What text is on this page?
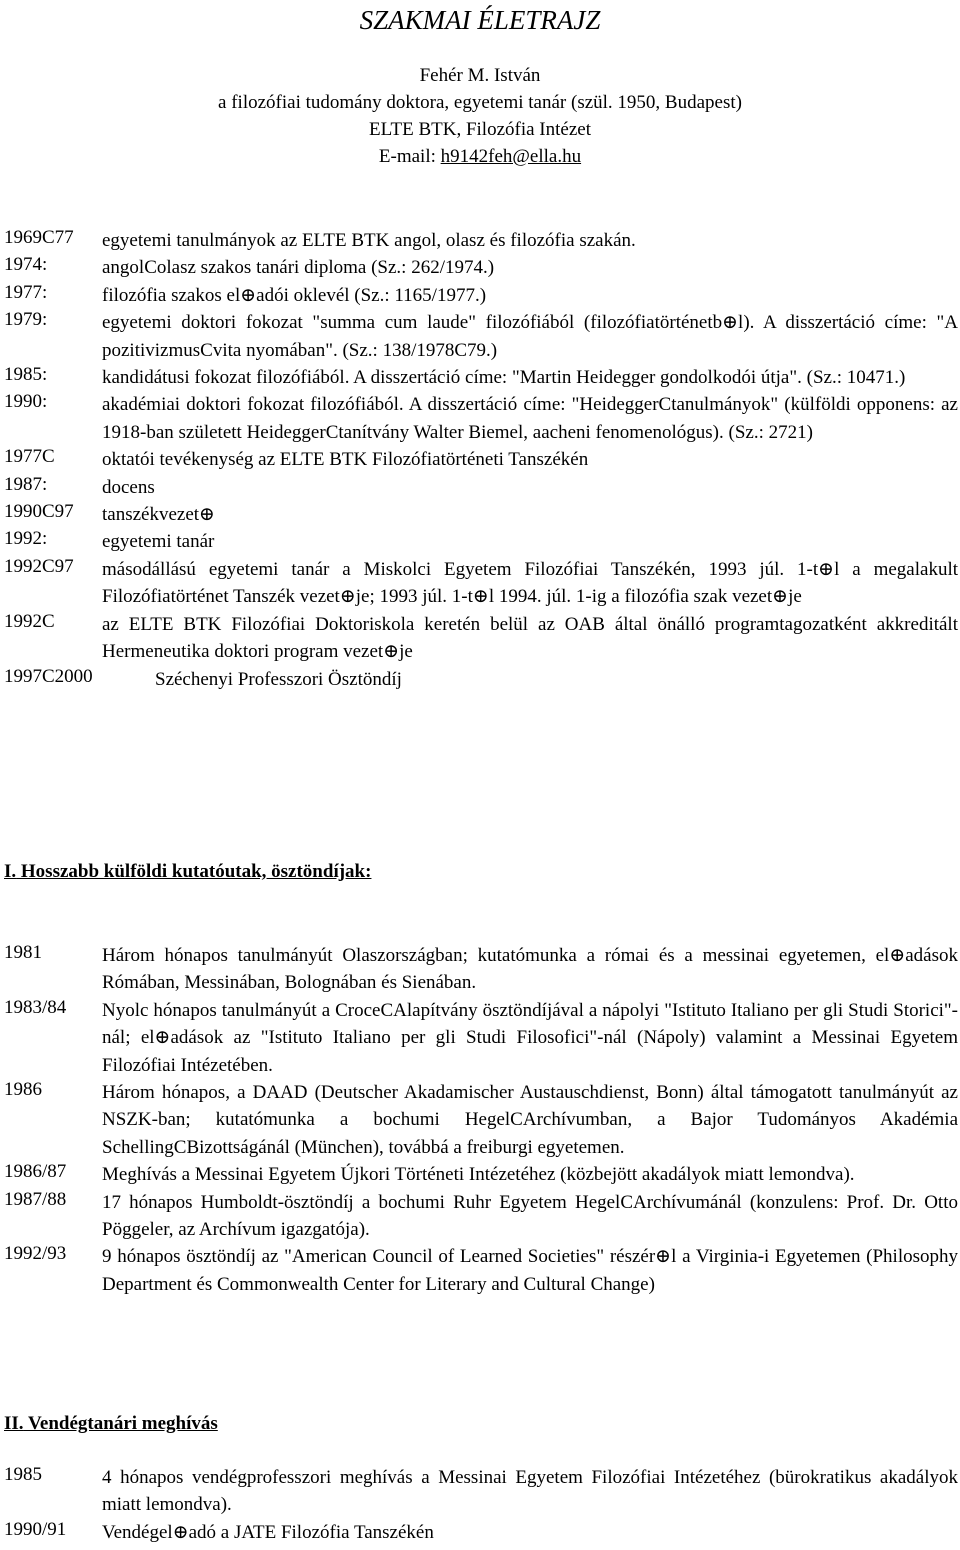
SZAKMAI ÉLETRAJZ
Fehér M. István
a filozófiai tudomány doktora, egyetemi tanár (szül. 1950, Budapest)
ELTE BTK, Filozófia Intézet
E-mail: h9142feh@ella.hu
1969C77 egyetemi tanulmányok az ELTE BTK angol, olasz és filozófia szakán.
1974:	angolColasz szakos tanári diploma (Sz.: 262/1974.)
1977:	filozófia szakos el⊕adói oklevél (Sz.: 1165/1977.)
1979:	egyetemi doktori fokozat "summa cum laude" filozófiából (filozófiatörténetb⊕l). A disszertáció címe: "A pozitivizmusCvita nyomában". (Sz.: 138/1978C79.)
1985:	kandidátusi fokozat filozófiából. A disszertáció címe: "Martin Heidegger gondolkodói útja". (Sz.: 10471.)
1990:	akadémiai doktori fokozat filozófiából. A disszertáció címe: "HeideggerCtanulmányok" (külföldi opponens: az 1918-ban született HeideggerCtanítvány Walter Biemel, aacheni fenomenológus). (Sz.: 2721)
1977C oktatói tevékenység az ELTE BTK Filozófiatörténeti Tanszékén
1987:	docens
1990C97 tanszékvezet⊕
1992:	egyetemi tanár
1992C97 másodállású egyetemi tanár a Miskolci Egyetem Filozófiai Tanszékén, 1993 júl. 1-t⊕l a megalakult Filozófiatörténet Tanszék vezet⊕je; 1993 júl. 1-t⊕l 1994. júl. 1-ig a filozófia szak vezet⊕je
1992C az ELTE BTK Filozófiai Doktoriskola keretén belül az OAB által önálló programtagozatként akkreditált Hermeneutika doktori program vezet⊕je
1997C2000	Széchenyi Professzori Ösztöndíj
I. Hosszabb külföldi kutatóutak, ösztöndíjak:
1981	Három hónapos tanulmányút Olaszországban; kutatómunka a római és a messinai egyetemen, el⊕adások Rómában, Messinában, Bolognában és Sienában.
1983/84 Nyolc hónapos tanulmányút a CroceCAlapítvány ösztöndíjával a nápolyi "Istituto Italiano per gli Studi Storici"-nál; el⊕adások az "Istituto Italiano per gli Studi Filosofici"-nál (Nápoly) valamint a Messinai Egyetem Filozófiai Intézetében.
1986	Három hónapos, a DAAD (Deutscher Akadamischer Austauschdienst, Bonn) által támogatott tanulmányút az NSZK-ban; kutatómunka a bochumi HegelCArchívumban, a Bajor Tudományos Akadémia SchellingCBizottságánál (München), továbbá a freiburgi egyetemen.
1986/87 Meghívás a Messinai Egyetem Újkori Történeti Intézetéhez (közbejött akadályok miatt lemondva).
1987/88 17 hónapos Humboldt-ösztöndíj a bochumi Ruhr Egyetem HegelCArchívumánál (konzulens: Prof. Dr. Otto Pöggeler, az Archívum igazgatója).
1992/93 9 hónapos ösztöndíj az "American Council of Learned Societies" részér⊕l a Virginia-i Egyetemen (Philosophy Department és Commonwealth Center for Literary and Cultural Change)
II. Vendégtanári meghívás
1985	4 hónapos vendégprofesszori meghívás a Messinai Egyetem Filozófiai Intézetéhez (bürokratikus akadályok miatt lemondva).
1990/91 Vendégel⊕adó a JATE Filozófia Tanszékén
